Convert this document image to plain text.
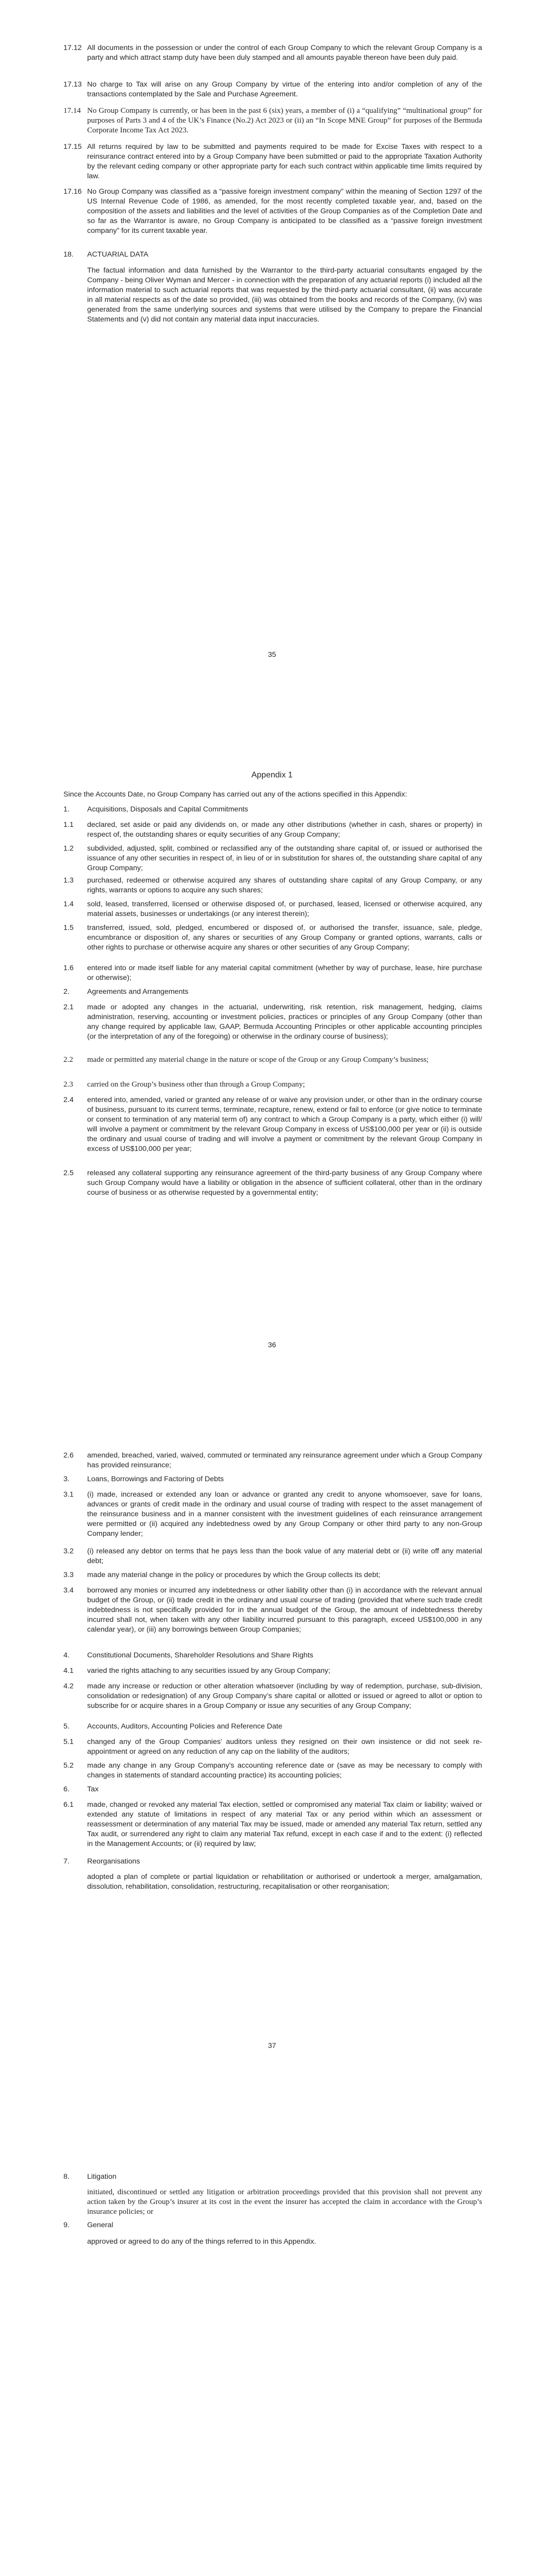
17.12 All documents in the possession or under the control of each Group Company to which the relevant Group Company is a party and which attract stamp duty have been duly stamped and all amounts payable thereon have been duly paid.
17.13 No charge to Tax will arise on any Group Company by virtue of the entering into and/or completion of any of the transactions contemplated by the Sale and Purchase Agreement.
17.14 No Group Company is currently, or has been in the past 6 (six) years, a member of (i) a “qualifying” “multinational group” for purposes of Parts 3 and 4 of the UK’s Finance (No.2) Act 2023 or (ii) an “In Scope MNE Group” for purposes of the Bermuda Corporate Income Tax Act 2023.
17.15 All returns required by law to be submitted and payments required to be made for Excise Taxes with respect to a reinsurance contract entered into by a Group Company have been submitted or paid to the appropriate Taxation Authority by the relevant ceding company or other appropriate party for each such contract within applicable time limits required by law.
17.16 No Group Company was classified as a “passive foreign investment company” within the meaning of Section 1297 of the US Internal Revenue Code of 1986, as amended, for the most recently completed taxable year, and, based on the composition of the assets and liabilities and the level of activities of the Group Companies as of the Completion Date and so far as the Warrantor is aware, no Group Company is anticipated to be classified as a “passive foreign investment company” for its current taxable year.
18.	ACTUARIAL DATA
The factual information and data furnished by the Warrantor to the third-party actuarial consultants engaged by the Company - being Oliver Wyman and Mercer - in connection with the preparation of any actuarial reports (i) included all the information material to such actuarial reports that was requested by the third-party actuarial consultant, (ii) was accurate in all material respects as of the date so provided, (iii) was obtained from the books and records of the Company, (iv) was generated from the same underlying sources and systems that were utilised by the Company to prepare the Financial Statements and (v) did not contain any material data input inaccuracies.
35
Appendix 1
Since the Accounts Date, no Group Company has carried out any of the actions specified in this Appendix:
1.	Acquisitions, Disposals and Capital Commitments
1.1	declared, set aside or paid any dividends on, or made any other distributions (whether in cash, shares or property) in respect of, the outstanding shares or equity securities of any Group Company;
1.2	subdivided, adjusted, split, combined or reclassified any of the outstanding share capital of, or issued or authorised the issuance of any other securities in respect of, in lieu of or in substitution for shares of, the outstanding share capital of any Group Company;
1.3	purchased, redeemed or otherwise acquired any shares of outstanding share capital of any Group Company, or any rights, warrants or options to acquire any such shares;
1.4	sold, leased, transferred, licensed or otherwise disposed of, or purchased, leased, licensed or otherwise acquired, any material assets, businesses or undertakings (or any interest therein);
1.5	transferred, issued, sold, pledged, encumbered or disposed of, or authorised the transfer, issuance, sale, pledge, encumbrance or disposition of, any shares or securities of any Group Company or granted options, warrants, calls or other rights to purchase or otherwise acquire any shares or other securities of any Group Company;
1.6	entered into or made itself liable for any material capital commitment (whether by way of purchase, lease, hire purchase or otherwise);
2.	Agreements and Arrangements
2.1	made or adopted any changes in the actuarial, underwriting, risk retention, risk management, hedging, claims administration, reserving, accounting or investment policies, practices or principles of any Group Company (other than any change required by applicable law, GAAP, Bermuda Accounting Principles or other applicable accounting principles (or the interpretation of any of the foregoing) or otherwise in the ordinary course of business);
2.2	made or permitted any material change in the nature or scope of the Group or any Group Company’s business;
2.3	carried on the Group’s business other than through a Group Company;
2.4	entered into, amended, varied or granted any release of or waive any provision under, or other than in the ordinary course of business, pursuant to its current terms, terminate, recapture, renew, extend or fail to enforce (or give notice to terminate or consent to termination of any material term of) any contract to which a Group Company is a party, which either (i) will/ will involve a payment or commitment by the relevant Group Company in excess of US$100,000 per year or (ii) is outside the ordinary and usual course of trading and will involve a payment or commitment by the relevant Group Company in excess of US$100,000 per year;
2.5	released any collateral supporting any reinsurance agreement of the third-party business of any Group Company where such Group Company would have a liability or obligation in the absence of sufficient collateral, other than in the ordinary course of business or as otherwise requested by a governmental entity;
36
2.6	amended, breached, varied, waived, commuted or terminated any reinsurance agreement under which a Group Company has provided reinsurance;
3.	Loans, Borrowings and Factoring of Debts
3.1	(i) made, increased or extended any loan or advance or granted any credit to anyone whomsoever, save for loans, advances or grants of credit made in the ordinary and usual course of trading with respect to the asset management of the reinsurance business and in a manner consistent with the investment guidelines of each reinsurance arrangement were permitted or (ii) acquired any indebtedness owed by any Group Company or other third party to any non-Group Company lender;
3.2	(i) released any debtor on terms that he pays less than the book value of any material debt or (ii) write off any material debt;
3.3	made any material change in the policy or procedures by which the Group collects its debt;
3.4	borrowed any monies or incurred any indebtedness or other liability other than (i) in accordance with the relevant annual budget of the Group, or (ii) trade credit in the ordinary and usual course of trading (provided that where such trade credit indebtedness is not specifically provided for in the annual budget of the Group, the amount of indebtedness thereby incurred shall not, when taken with any other liability incurred pursuant to this paragraph, exceed US$100,000 in any calendar year), or (iii) any borrowings between Group Companies;
4.	Constitutional Documents, Shareholder Resolutions and Share Rights
4.1	varied the rights attaching to any securities issued by any Group Company;
4.2	made any increase or reduction or other alteration whatsoever (including by way of redemption, purchase, sub-division, consolidation or redesignation) of any Group Company’s share capital or allotted or issued or agreed to allot or option to subscribe for or acquire shares in a Group Company or issue any securities of any Group Company;
5.	Accounts, Auditors, Accounting Policies and Reference Date
5.1	changed any of the Group Companies’ auditors unless they resigned on their own insistence or did not seek re-appointment or agreed on any reduction of any cap on the liability of the auditors;
5.2	made any change in any Group Company’s accounting reference date or (save as may be necessary to comply with changes in statements of standard accounting practice) its accounting policies;
6.	Tax
6.1	made, changed or revoked any material Tax election, settled or compromised any material Tax claim or liability; waived or extended any statute of limitations in respect of any material Tax or any period within which an assessment or reassessment or determination of any material Tax may be issued, made or amended any material Tax return, settled any Tax audit, or surrendered any right to claim any material Tax refund, except in each case if and to the extent: (i) reflected in the Management Accounts; or (ii) required by law;
7.	Reorganisations
adopted a plan of complete or partial liquidation or rehabilitation or authorised or undertook a merger, amalgamation, dissolution, rehabilitation, consolidation, restructuring, recapitalisation or other reorganisation;
37
8.	Litigation
initiated, discontinued or settled any litigation or arbitration proceedings provided that this provision shall not prevent any action taken by the Group’s insurer at its cost in the event the insurer has accepted the claim in accordance with the Group’s insurance policies; or
9.	General
approved or agreed to do any of the things referred to in this Appendix.
